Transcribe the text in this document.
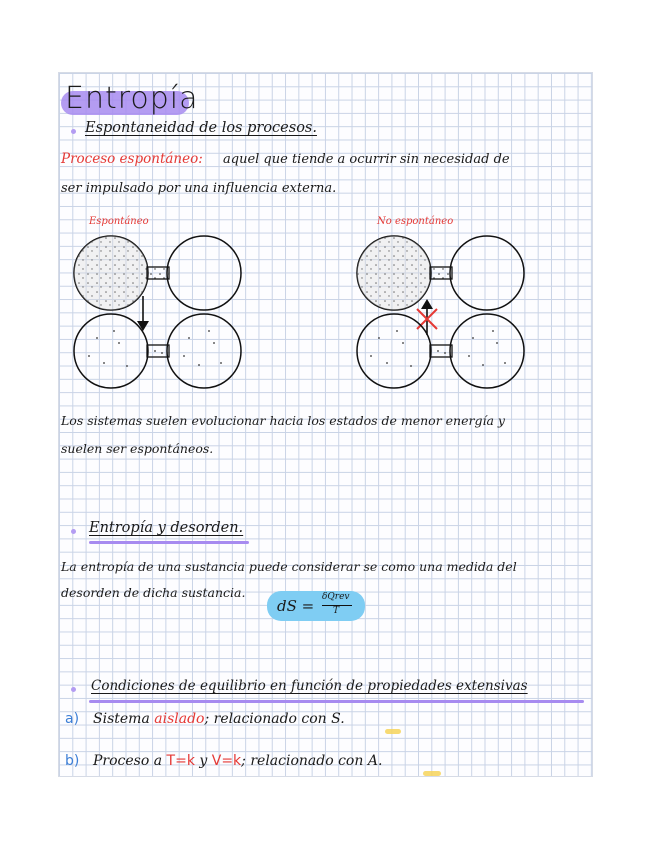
Entropía
Espontaneidad de los procesos.
Proceso espontáneo: aquel que tiende a ocurrir sin necesidad de
ser impulsado por una influencia externa.
Espontáneo	No espontáneo
Los sistemas suelen evolucionar hacia los estados de menor energía y
suelen ser espontáneos.
Entropía y desorden.
La entropía de una sustancia puede considerar se como una medida del
desorden de dicha sustancia.
dS = δQrev
T
Condiciones de equilibrio en función de propiedades extensivas
a) Sistema aislado; relacionado con S.
b) Proceso a T=k y V=k; relacionado con A.
